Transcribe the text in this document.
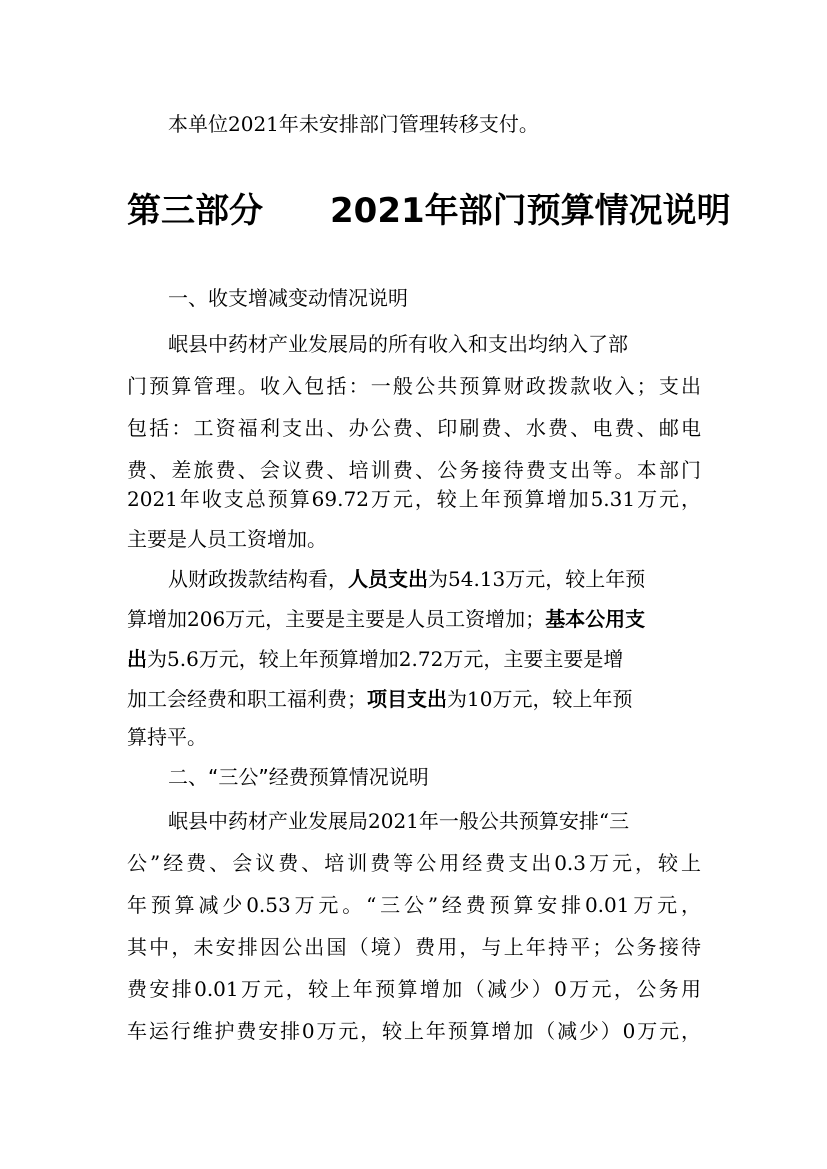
本单位2021年未安排部门管理转移支付。
第三部分 2021年部门预算情况说明
一、收支增减变动情况说明
岷县中药材产业发展局的所有收入和支出均纳入了部
门预算管理。收入包括：一般公共预算财政拨款收入；支出
包括：工资福利支出、办公费、印刷费、水费、电费、邮电
费、差旅费、会议费、培训费、公务接待费支出等。本部门
2021年收支总预算69.72万元，较上年预算增加5.31万元，
主要是人员工资增加。
从财政拨款结构看，人员支出为54.13万元，较上年预
算增加206万元，主要是主要是人员工资增加；基本公用支
出为5.6万元，较上年预算增加2.72万元，主要主要是增
加工会经费和职工福利费；项目支出为10万元，较上年预
算持平。
二、“三公”经费预算情况说明
岷县中药材产业发展局2021年一般公共预算安排“三
公”经费、会议费、培训费等公用经费支出0.3万元，较上
年预算减少0.53万元。“三公”经费预算安排0.01万元，
其中，未安排因公出国（境）费用，与上年持平；公务接待
费安排0.01万元，较上年预算增加（减少）0万元，公务用
车运行维护费安排0万元，较上年预算增加（减少）0万元，
